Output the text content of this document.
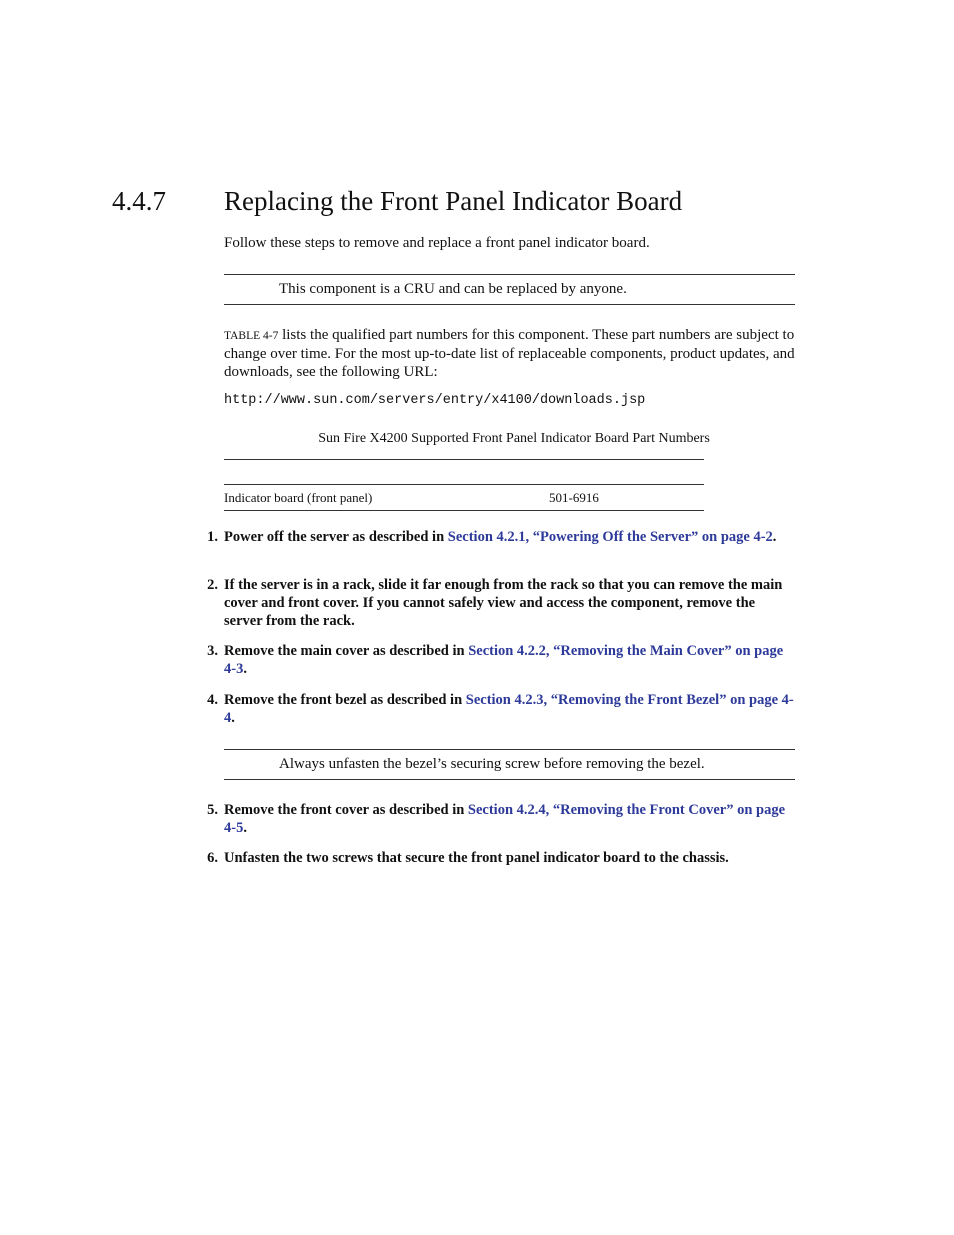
4.4.7 Replacing the Front Panel Indicator Board
Follow these steps to remove and replace a front panel indicator board.
This component is a CRU and can be replaced by anyone.
TABLE 4-7 lists the qualified part numbers for this component. These part numbers are subject to change over time. For the most up-to-date list of replaceable components, product updates, and downloads, see the following URL:
http://www.sun.com/servers/entry/x4100/downloads.jsp
Sun Fire X4200 Supported Front Panel Indicator Board Part Numbers
Indicator board (front panel)	501-6916
1. Power off the server as described in Section 4.2.1, “Powering Off the Server” on page 4-2.
2. If the server is in a rack, slide it far enough from the rack so that you can remove the main cover and front cover. If you cannot safely view and access the component, remove the server from the rack.
3. Remove the main cover as described in Section 4.2.2, “Removing the Main Cover” on page 4-3.
4. Remove the front bezel as described in Section 4.2.3, “Removing the Front Bezel” on page 4-4.
Always unfasten the bezel’s securing screw before removing the bezel.
5. Remove the front cover as described in Section 4.2.4, “Removing the Front Cover” on page 4-5.
6. Unfasten the two screws that secure the front panel indicator board to the chassis.
